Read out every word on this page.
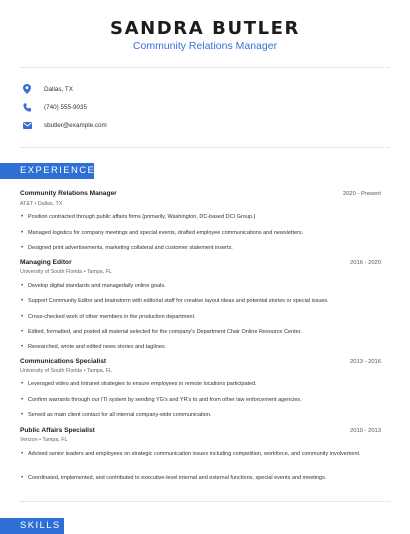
SANDRA BUTLER
Community Relations Manager
Dallas, TX
(740) 555-9035
sbutler@example.com
EXPERIENCE
Community Relations Manager	2020 - Present
AT&T • Dallas, TX
• Position contracted through public affairs firms (primarily, Washington, DC-based DCI Group.)
• Managed logistics for company meetings and special events, drafted employee communications and newsletters.
• Designed print advertisements, marketing collateral and customer statement inserts.
Managing Editor	2016 - 2020
University of South Florida • Tampa, FL
• Develop digital standards and managedaily online goals.
• Support Community Editor and brainstorm with editorial staff for creative layout ideas and potential stories or special issues.
• Cross-checked work of other members in the production department.
• Edited, formatted, and posted all material selected for the company's Department Chair Online Resource Center.
• Researched, wrote and edited news stories and taglines.
Communications Specialist	2013 - 2016
University of South Florida • Tampa, FL
• Leveraged video and Intranet strategies to ensure employees in remote locations participated.
• Confirm warrants through our ITI system by sending YG's and YR's to and from other law enforcement agencies.
• Served as main client contact for all internal company-wide communication.
Public Affairs Specialist	2010 - 2013
Verizon • Tampa, FL
• Advised senior leaders and employees on strategic communication issues including competition, workforce, and community involvement.
• Coordinated, implemented, and contributed to executive-level internal and external functions, special events and meetings.
SKILLS
